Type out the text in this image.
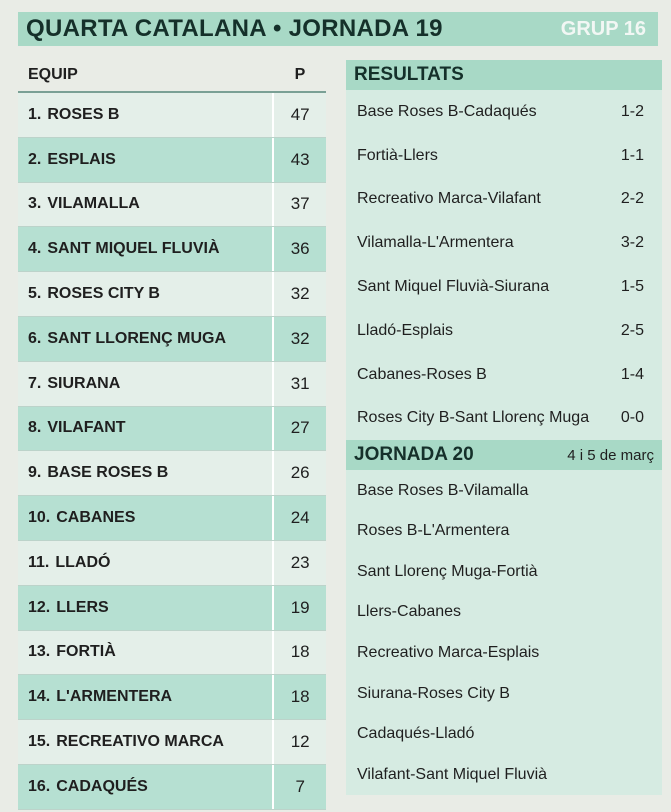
QUARTA CATALANA • JORNADA 19	GRUP 16
EQUIP	P
1 . ROSES B	47
2 . ESPLAIS	43
3 . VILAMALLA	37
4 . SANT MIQUEL FLUVIÀ	36
5 . ROSES CITY B	32
6 . SANT LLORENÇ MUGA	32
7 . SIURANA	31
8 . VILAFANT	27
9 . BASE ROSES B	26
10 . CABANES	24
11 . LLADÓ	23
12 . LLERS	19
13 . FORTIÀ	18
14 . L'ARMENTERA	18
15 . RECREATIVO MARCA	12
16 . CADAQUÉS	7
RESULTATS
Base Roses B-Cadaqués	1-2
Fortià-Llers	1-1
Recreativo Marca-Vilafant	2-2
Vilamalla-L'Armentera	3-2
Sant Miquel Fluvià-Siurana	1-5
Lladó-Esplais	2-5
Cabanes-Roses B	1-4
Roses City B-Sant Llorenç Muga 0-0
JORNADA 20	4 i 5 de març
Base Roses B-Vilamalla
Roses B-L'Armentera
Sant Llorenç Muga-Fortià
Llers-Cabanes
Recreativo Marca-Esplais
Siurana-Roses City B
Cadaqués-Lladó
Vilafant-Sant Miquel Fluvià
